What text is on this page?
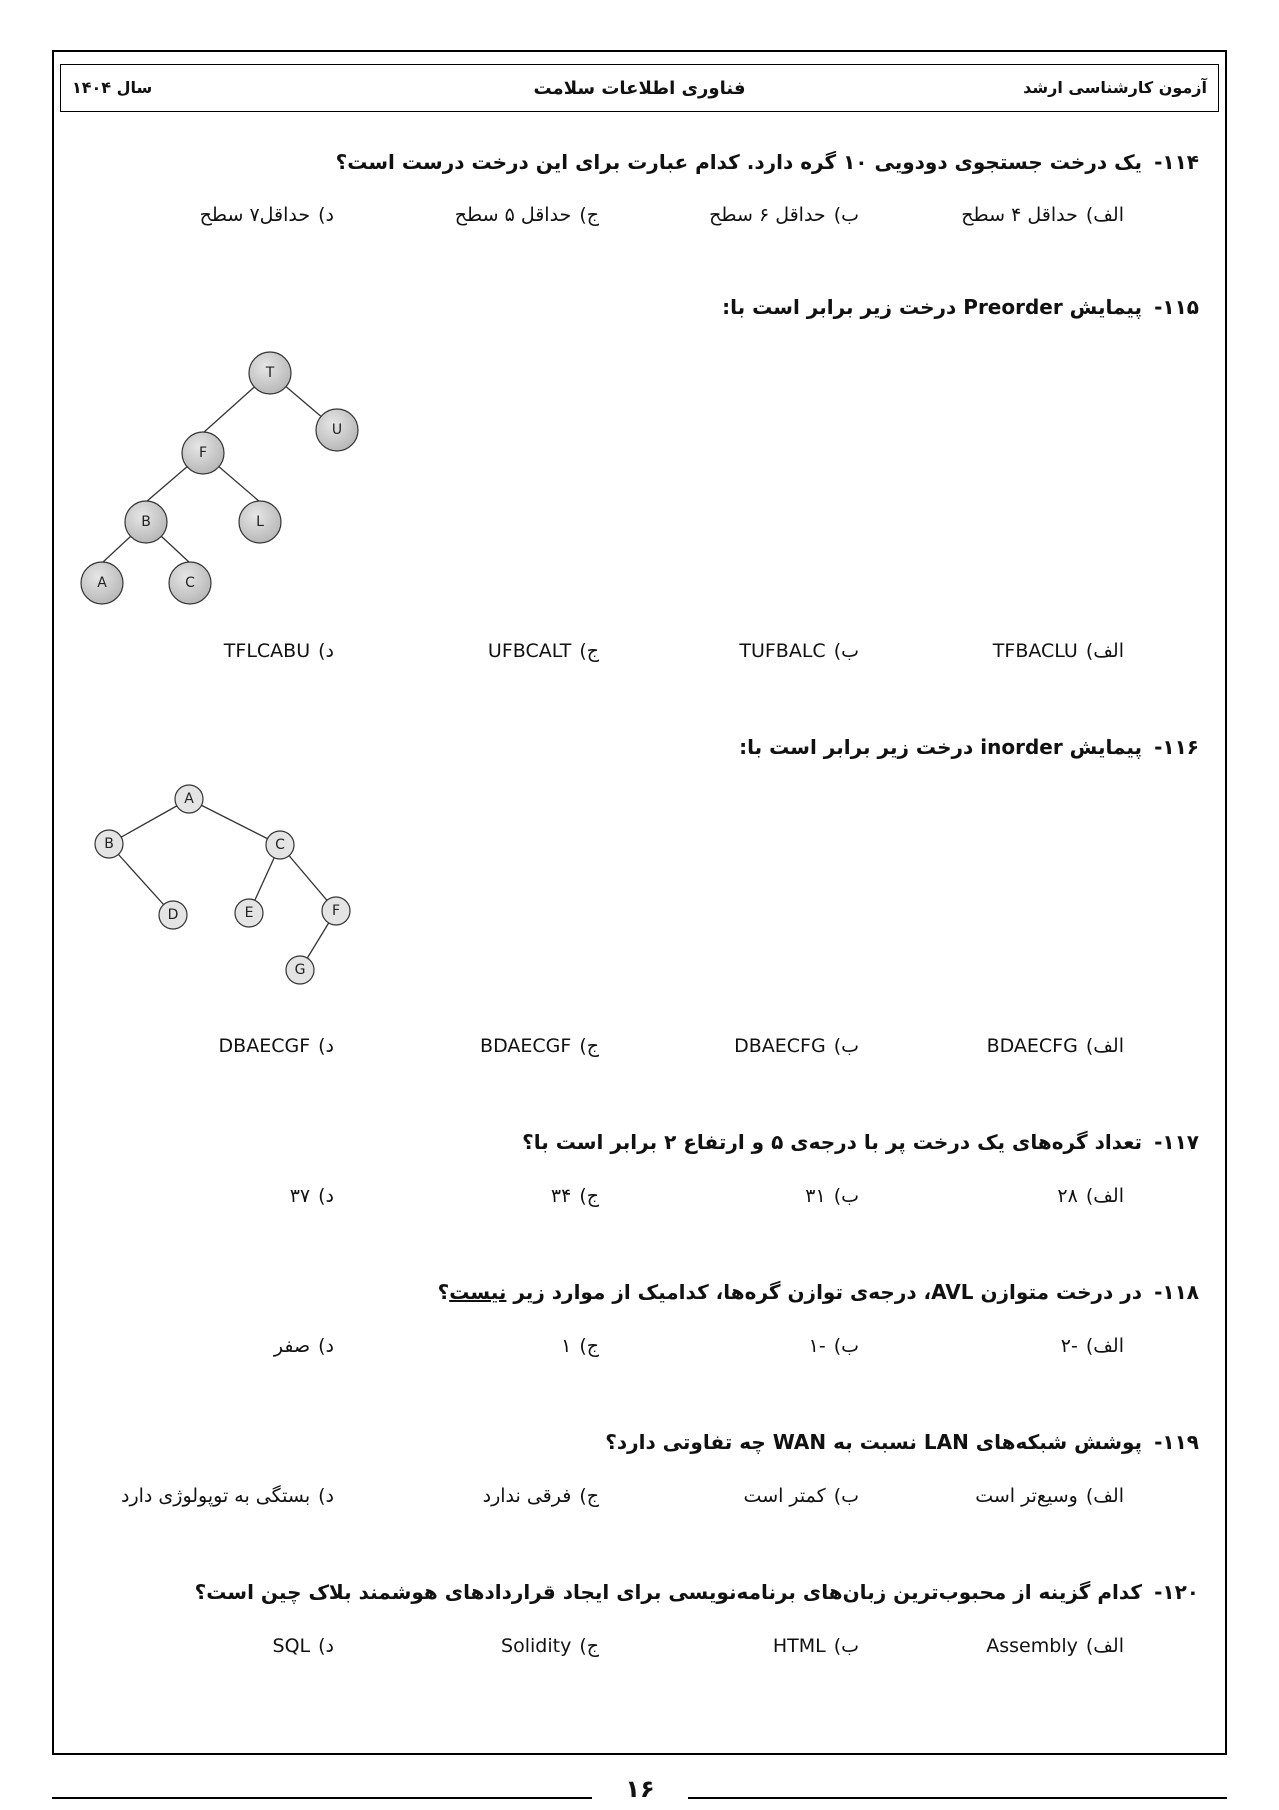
آزمون کارشناسی ارشد
فناوری اطلاعات سلامت
سال ۱۴۰۴
۱۱۴-یک درخت جستجوی دودویی ۱۰ گره دارد. کدام عبارت برای این درخت درست است؟
الف)حداقل ۴ سطح
ب)حداقل ۶ سطح
ج)حداقل ۵ سطح
د)حداقل۷ سطح
۱۱۵-پیمایش Preorder درخت زیر برابر است با:
T
U
F
B	L
A	C
الف)TFBACLU
ب)TUFBALC
ج)UFBCALT
د)TFLCABU
۱۱۶-پیمایش inorder درخت زیر برابر است با:
A
B	C
D	E	F
G
الف)BDAECFG
ب)DBAECFG
ج)BDAECGF
د)DBAECGF
۱۱۷-تعداد گره‌های یک درخت پر با درجه‌ی ۵ و ارتفاع ۲ برابر است با؟
الف)۲۸
ب)۳۱
ج)۳۴
د)۳۷
۱۱۸-در درخت متوازن AVL، درجه‌ی توازن گره‌ها، کدامیک از موارد زیر نیست؟
الف)-۲
ب)-۱
ج)۱
د)صفر
۱۱۹-پوشش شبکه‌های LAN نسبت به WAN چه تفاوتی دارد؟
الف)وسیع‌تر است
ب)کمتر است
ج)فرقی ندارد
د)بستگی به توپولوژی دارد
۱۲۰-کدام گزینه از محبوب‌ترین زبان‌های برنامه‌نویسی برای ایجاد قراردادهای هوشمند بلاک چین است؟
الف)Assembly
ب)HTML
ج)Solidity
د)SQL
۱۶
